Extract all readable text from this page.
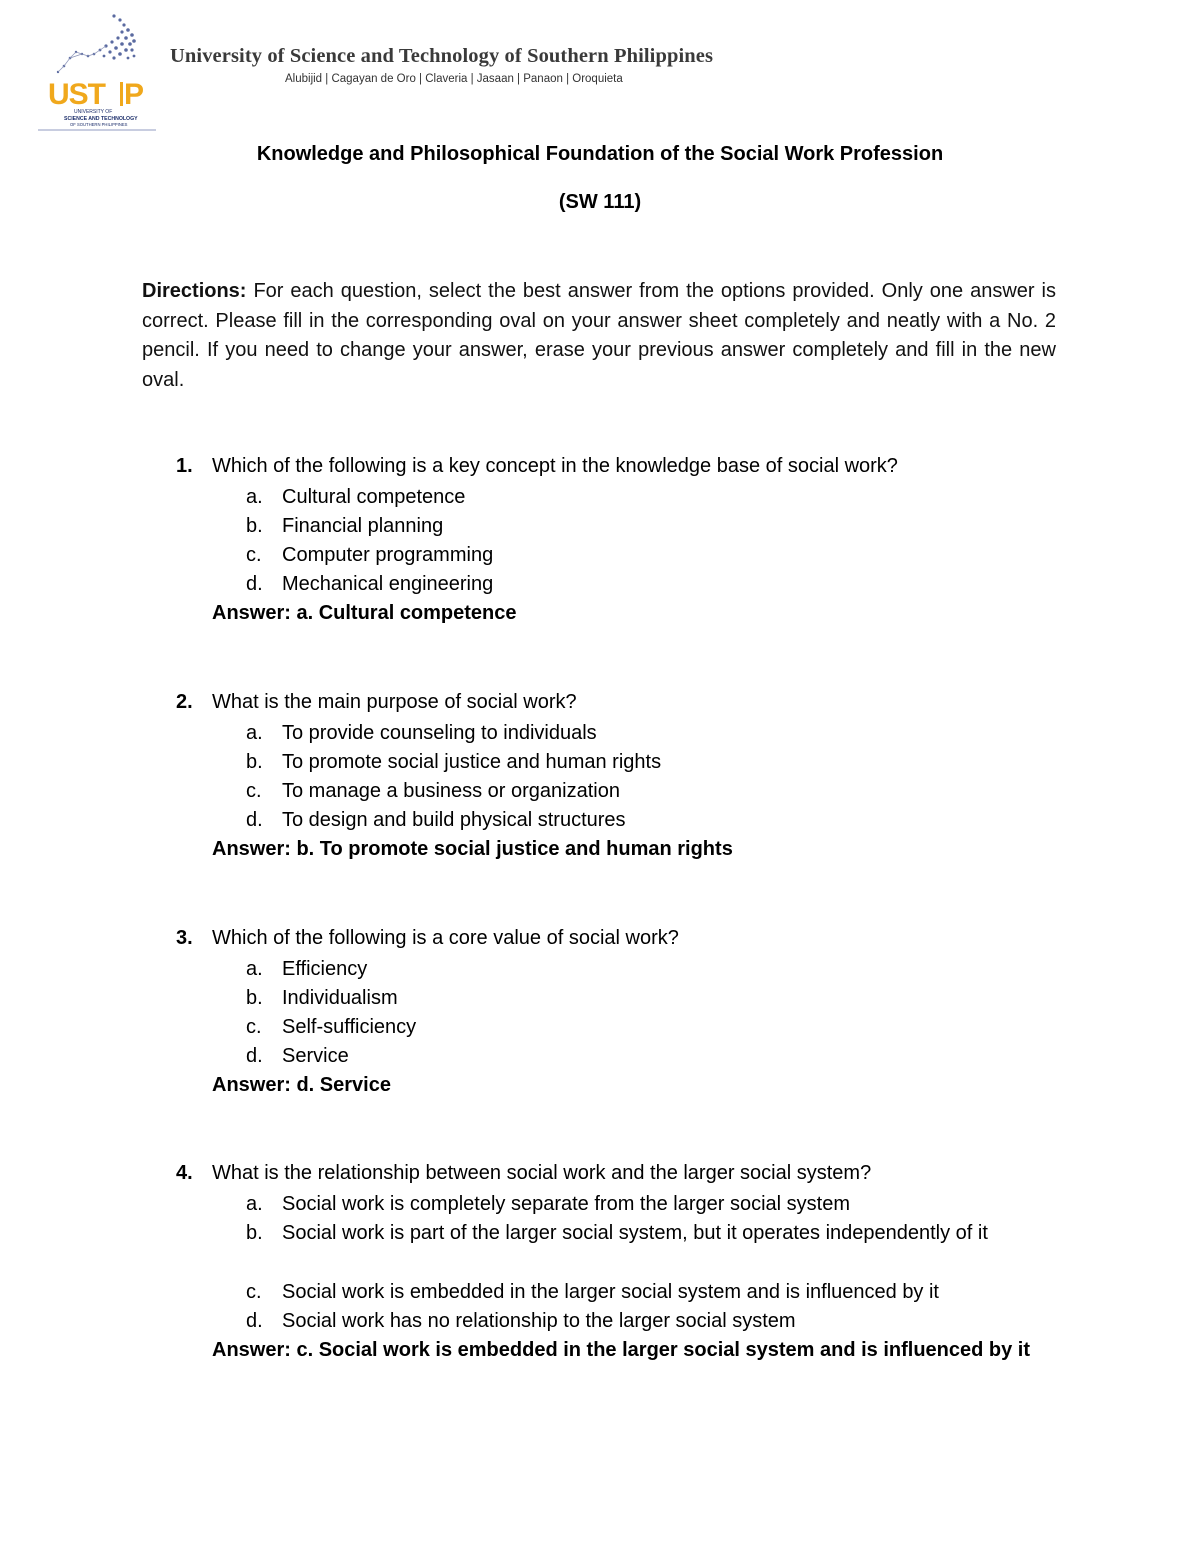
UST P
UNIVERSITY OF
SCIENCE AND TECHNOLOGY
OF SOUTHERN PHILIPPINES
University of Science and Technology of Southern Philippines
Alubijid | Cagayan de Oro | Claveria | Jasaan | Panaon | Oroquieta
Knowledge and Philosophical Foundation of the Social Work Profession
(SW 111)
Directions: For each question, select the best answer from the options provided. Only one answer is correct. Please fill in the corresponding oval on your answer sheet completely and neatly with a No. 2 pencil. If you need to change your answer, erase your previous answer completely and fill in the new oval.
1. Which of the following is a key concept in the knowledge base of social work?
a. Cultural competence
b. Financial planning
c.	Computer programming
d. Mechanical engineering
Answer: a. Cultural competence
2. What is the main purpose of social work?
a. To provide counseling to individuals
b. To promote social justice and human rights
c.	To manage a business or organization
d. To design and build physical structures
Answer: b. To promote social justice and human rights
3. Which of the following is a core value of social work?
a. Efficiency
b. Individualism
c.	Self-sufficiency
d. Service
Answer: d. Service
4. What is the relationship between social work and the larger social system?
a. Social work is completely separate from the larger social system
b. Social work is part of the larger social system, but it operates independently of it
c.	Social work is embedded in the larger social system and is influenced by it
d. Social work has no relationship to the larger social system
Answer: c. Social work is embedded in the larger social system and is influenced by it
